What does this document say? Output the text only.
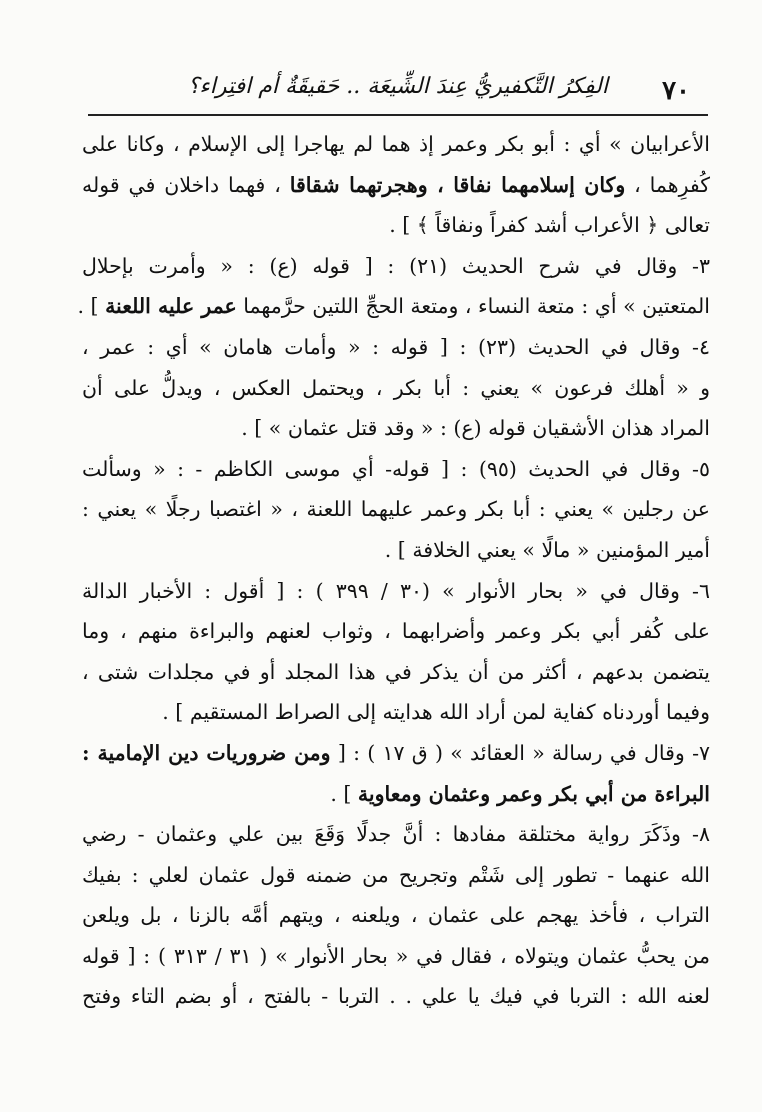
٧٠
الفِكرُ التَّكفيريُّ عِندَ الشِّيعَة .. حَقيقَةٌ أم افتِراء؟
الأعرابيان » أي : أبو بكر وعمر إذ هما لم يهاجرا إلى الإسلام ، وكانا على
كُفرِهما ، وكان إسلامهما نفاقا ، وهجرتهما شقاقا ، فهما داخلان في قوله
تعالى ﴿ الأعراب أشد كفراً ونفاقاً ﴾ ] .
٣- وقال في شرح الحديث (٢١) : [ قوله (ع) : « وأمرت بإحلال
المتعتين » أي : متعة النساء ، ومتعة الحجِّ اللتين حرَّمهما عمر عليه اللعنة ] .
٤- وقال في الحديث (٢٣) : [ قوله : « وأمات هامان » أي : عمر ،
و « أهلك فرعون » يعني : أبا بكر ، ويحتمل العكس ، ويدلُّ على أن
المراد هذان الأشقيان قوله (ع) : « وقد قتل عثمان » ] .
٥- وقال في الحديث (٩٥) : [ قوله- أي موسى الكاظم - : « وسألت
عن رجلين » يعني : أبا بكر وعمر عليهما اللعنة ، « اغتصبا رجلًا » يعني :
أمير المؤمنين « مالًا » يعني الخلافة ] .
٦- وقال في « بحار الأنوار » (٣٠ / ٣٩٩ ) : [ أقول : الأخبار الدالة
على كُفر أبي بكر وعمر وأضرابهما ، وثواب لعنهم والبراءة منهم ، وما
يتضمن بدعهم ، أكثر من أن يذكر في هذا المجلد أو في مجلدات شتى ،
وفيما أوردناه كفاية لمن أراد الله هدايته إلى الصراط المستقيم ] .
٧- وقال في رسالة « العقائد » ( ق ١٧ ) : [ ومن ضروريات دين الإمامية :
البراءة من أبي بكر وعمر وعثمان ومعاوية ] .
٨- وذَكَرَ رواية مختلقة مفادها : أنَّ جدلًا وَقَعَ بين علي وعثمان - رضي
الله عنهما - تطور إلى شَتْم وتجريح من ضمنه قول عثمان لعلي : بفيك
التراب ، فأخذ يهجم على عثمان ، ويلعنه ، ويتهم أمَّه بالزنا ، بل ويلعن
من يحبُّ عثمان ويتولاه ، فقال في « بحار الأنوار » ( ٣١ / ٣١٣ ) : [ قوله
لعنه الله : التربا في فيك يا علي . . التربا - بالفتح ، أو بضم التاء وفتح
